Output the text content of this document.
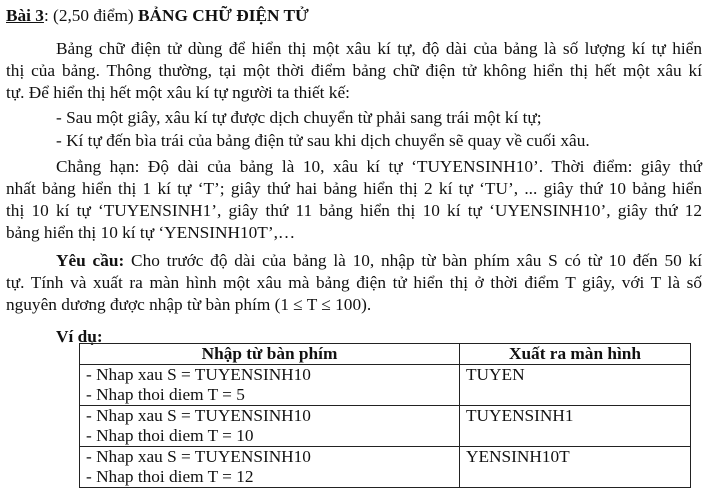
Bài 3: (2,50 điểm) BẢNG CHỮ ĐIỆN TỬ
Bảng chữ điện tử dùng để hiển thị một xâu kí tự, độ dài của bảng là số lượng kí tự hiển
thị của bảng. Thông thường, tại một thời điểm bảng chữ điện tử không hiển thị hết một xâu kí
tự. Để hiển thị hết một xâu kí tự người ta thiết kế:
- Sau một giây, xâu kí tự được dịch chuyển từ phải sang trái một kí tự;
- Kí tự đến bìa trái của bảng điện tử sau khi dịch chuyển sẽ quay về cuối xâu.
Chẳng hạn: Độ dài của bảng là 10, xâu kí tự ‘TUYENSINH10’. Thời điểm: giây thứ
nhất bảng hiển thị 1 kí tự ‘T’; giây thứ hai bảng hiển thị 2 kí tự ‘TU’, ... giây thứ 10 bảng hiển
thị 10 kí tự ‘TUYENSINH1’, giây thứ 11 bảng hiển thị 10 kí tự ‘UYENSINH10’, giây thứ 12
bảng hiển thị 10 kí tự ‘YENSINH10T’,…
Yêu cầu: Cho trước độ dài của bảng là 10, nhập từ bàn phím xâu S có từ 10 đến 50 kí
tự. Tính và xuất ra màn hình một xâu mà bảng điện tử hiển thị ở thời điểm T giây, với T là số
nguyên dương được nhập từ bàn phím (1 ≤ T ≤ 100).
Ví dụ:
Nhập từ bàn phím	Xuất ra màn hình

- Nhap xau S = TUYENSINH10
- Nhap thoi diem T = 5	TUYEN

- Nhap xau S = TUYENSINH10
- Nhap thoi diem T = 10	TUYENSINH1

- Nhap xau S = TUYENSINH10
- Nhap thoi diem T = 12	YENSINH10T
